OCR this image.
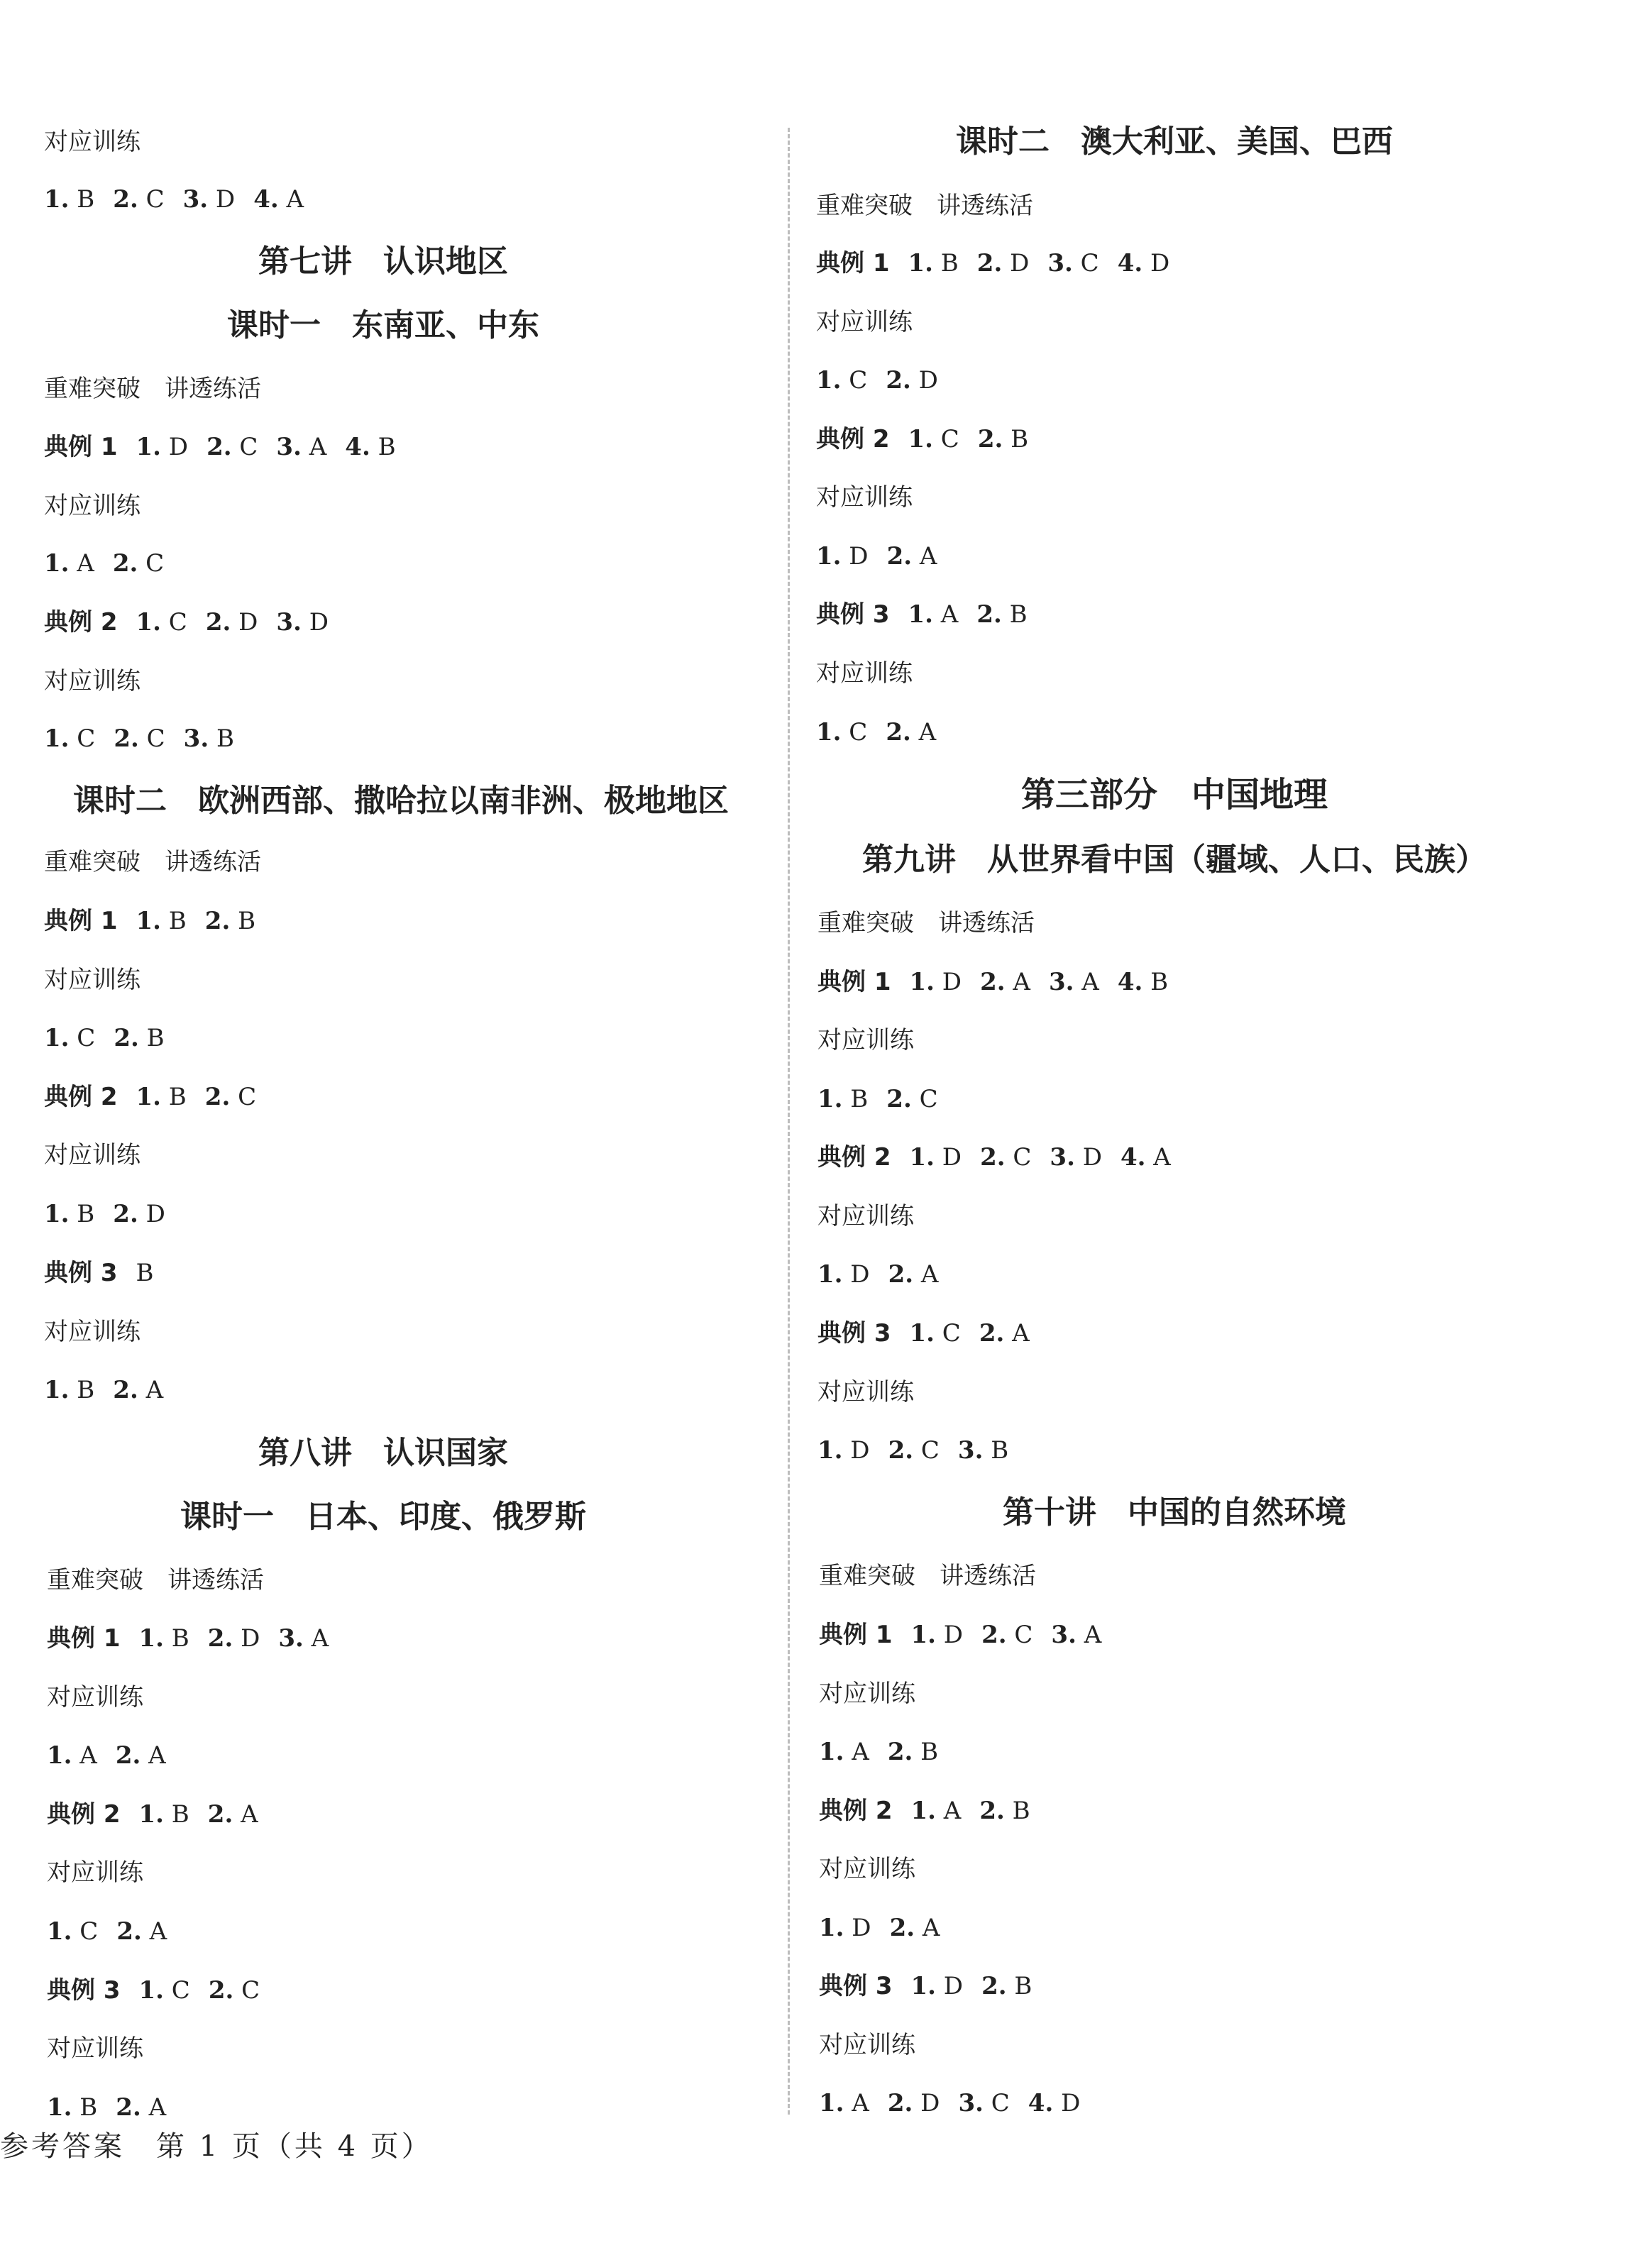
对应训练
1. B 2. C 3. D 4. A
第七讲　认识地区
课时一　东南亚、中东
重难突破　讲透练活
典例 1 1. D 2. C 3. A 4. B
对应训练
1. A 2. C
典例 2 1. C 2. D 3. D
对应训练
1. C 2. C 3. B
课时二　欧洲西部、撒哈拉以南非洲、极地地区
重难突破　讲透练活
典例 1 1. B 2. B
对应训练
1. C 2. B
典例 2 1. B 2. C
对应训练
1. B 2. D
典例 3 B
对应训练
1. B 2. A
第八讲　认识国家
课时一　日本、印度、俄罗斯
重难突破　讲透练活
典例 1 1. B 2. D 3. A
对应训练
1. A 2. A
典例 2 1. B 2. A
对应训练
1. C 2. A
典例 3 1. C 2. C
对应训练
1. B 2. A
课时二　澳大利亚、美国、巴西
重难突破　讲透练活
典例 1 1. B 2. D 3. C 4. D
对应训练
1. C 2. D
典例 2 1. C 2. B
对应训练
1. D 2. A
典例 3 1. A 2. B
对应训练
1. C 2. A
第三部分　中国地理
第九讲　从世界看中国（疆域、人口、民族）
重难突破　讲透练活
典例 1 1. D 2. A 3. A 4. B
对应训练
1. B 2. C
典例 2 1. D 2. C 3. D 4. A
对应训练
1. D 2. A
典例 3 1. C 2. A
对应训练
1. D 2. C 3. B
第十讲　中国的自然环境
重难突破　讲透练活
典例 1 1. D 2. C 3. A
对应训练
1. A 2. B
典例 2 1. A 2. B
对应训练
1. D 2. A
典例 3 1. D 2. B
对应训练
1. A 2. D 3. C 4. D
参考答案　第 1 页（共 4 页）
